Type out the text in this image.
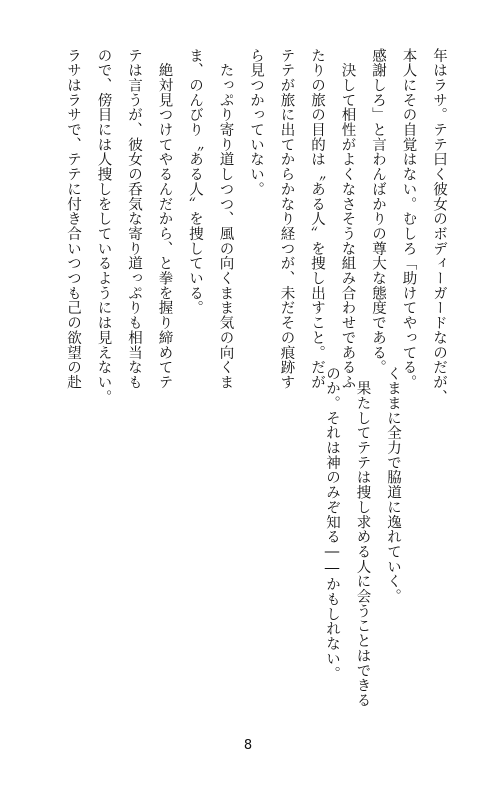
年はラサ。テテ曰く彼女のボディーガードなのだが、
本人にその自覚はない。むしろ「助けてやってる。
感謝しろ」と言わんばかりの尊大な態度である。
　決して相性がよくなさそうな組み合わせであるふ
たりの旅の目的は〝ある人〟を捜し出すこと。だが
テテが旅に出てからかなり経つが、未だその痕跡す
ら見つかっていない。
　たっぷり寄り道しつつ、風の向くまま気の向くま
ま、のんびり〝ある人〟を捜している。
　絶対見つけてやるんだから、と拳を握り締めてテ
テは言うが、彼女の呑気な寄り道っぷりも相当なも
ので、傍目には人捜しをしているようには見えない。
ラサはラサで、テテに付き合いつつも己の欲望の赴
くままに全力で脇道に逸れていく。
　果たしてテテは捜し求める人に会うことはできる
のか。それは神のみぞ知る――かもしれない。
8
